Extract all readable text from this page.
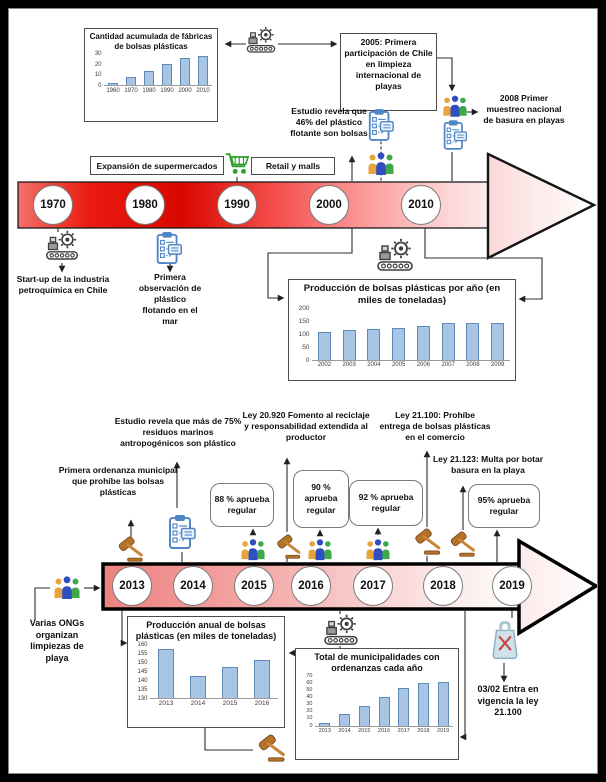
Cantidad acumulada de fábricas de bolsas plásticas
0
10
20
30
1960 1970 1980 1990 2000 2010
2005: Primera participación de Chile en limpieza internacional de playas
Estudio revela que 46% del plástico flotante son bolsas
2008 Primer muestreo nacional de basura en playas
Expansión de supermercados	Retail y malls
Start-up de la industria petroquímica en Chile
Primera observación de plástico flotando en el mar
Producción de bolsas plásticas por año (en miles de toneladas)
0
50
100
150
200
2002	2003	2004	2005	2006	2007	2008	2009
Primera ordenanza municipal que prohíbe las bolsas plásticas
Estudio revela que más de 75% residuos marinos antropogénicos son plástico
Ley 20.920 Fomento al reciclaje y responsabilidad extendida al productor
Ley 21.100: Prohíbe entrega de bolsas plásticas en el comercio
Ley 21.123: Multa por botar basura en la playa
88 % aprueba regular
90 % aprueba regular
92 % aprueba regular
95% aprueba regular
Varias ONGs organizan limpiezas de playa
Producción anual de bolsas plásticas (en miles de toneladas)
130
135
140
145
150
155
160
2013	2014	2015	2016
Total de municipalidades con ordenanzas cada año
0
10
20
30
40
50
60
70
2013	2014	2015	2016	2017	2018	2019
03/02 Entra en vigencia la ley 21.100
1970	1980	1990	2000	2010
2013	2014	2015	2016	2017	2018	2019
